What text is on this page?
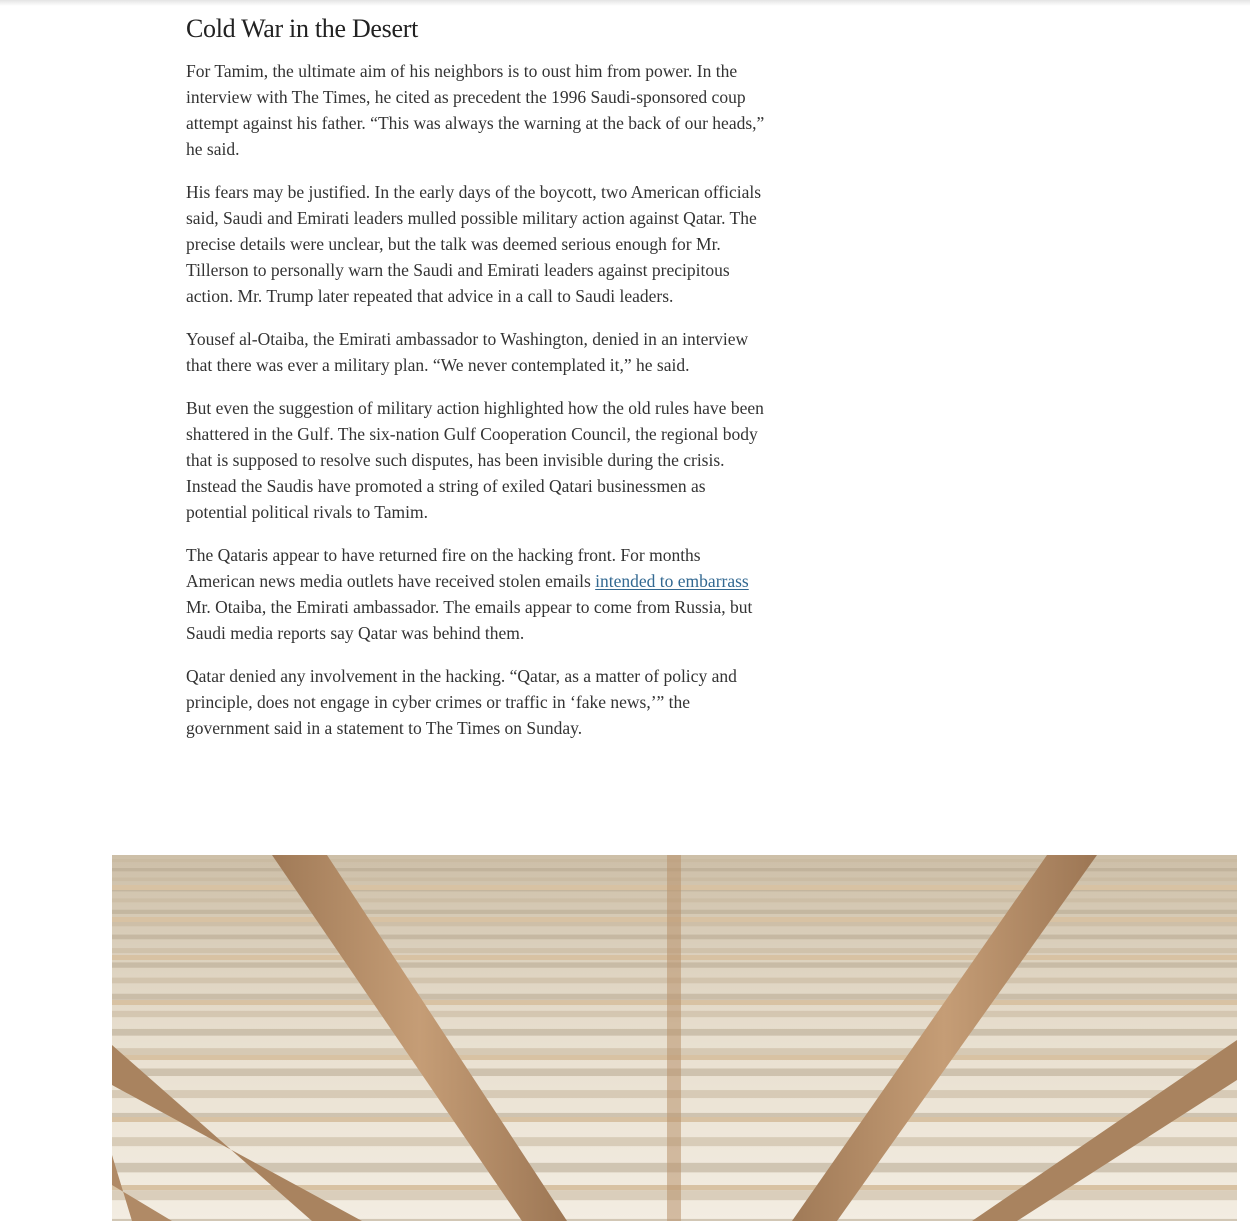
Cold War in the Desert

For Tamim, the ultimate aim of his neighbors is to oust him from power. In the interview with The Times, he cited as precedent the 1996 Saudi-sponsored coup attempt against his father. “This was always the warning at the back of our heads,” he said.

His fears may be justified. In the early days of the boycott, two American officials said, Saudi and Emirati leaders mulled possible military action against Qatar. The precise details were unclear, but the talk was deemed serious enough for Mr. Tillerson to personally warn the Saudi and Emirati leaders against precipitous action. Mr. Trump later repeated that advice in a call to Saudi leaders.

Yousef al-Otaiba, the Emirati ambassador to Washington, denied in an interview that there was ever a military plan. “We never contemplated it,” he said.

But even the suggestion of military action highlighted how the old rules have been shattered in the Gulf. The six-nation Gulf Cooperation Council, the regional body that is supposed to resolve such disputes, has been invisible during the crisis. Instead the Saudis have promoted a string of exiled Qatari businessmen as potential political rivals to Tamim.

The Qataris appear to have returned fire on the hacking front. For months American news media outlets have received stolen emails intended to embarrass Mr. Otaiba, the Emirati ambassador. The emails appear to come from Russia, but Saudi media reports say Qatar was behind them.

Qatar denied any involvement in the hacking. “Qatar, as a matter of policy and principle, does not engage in cyber crimes or traffic in ‘fake news,’” the government said in a statement to The Times on Sunday.
